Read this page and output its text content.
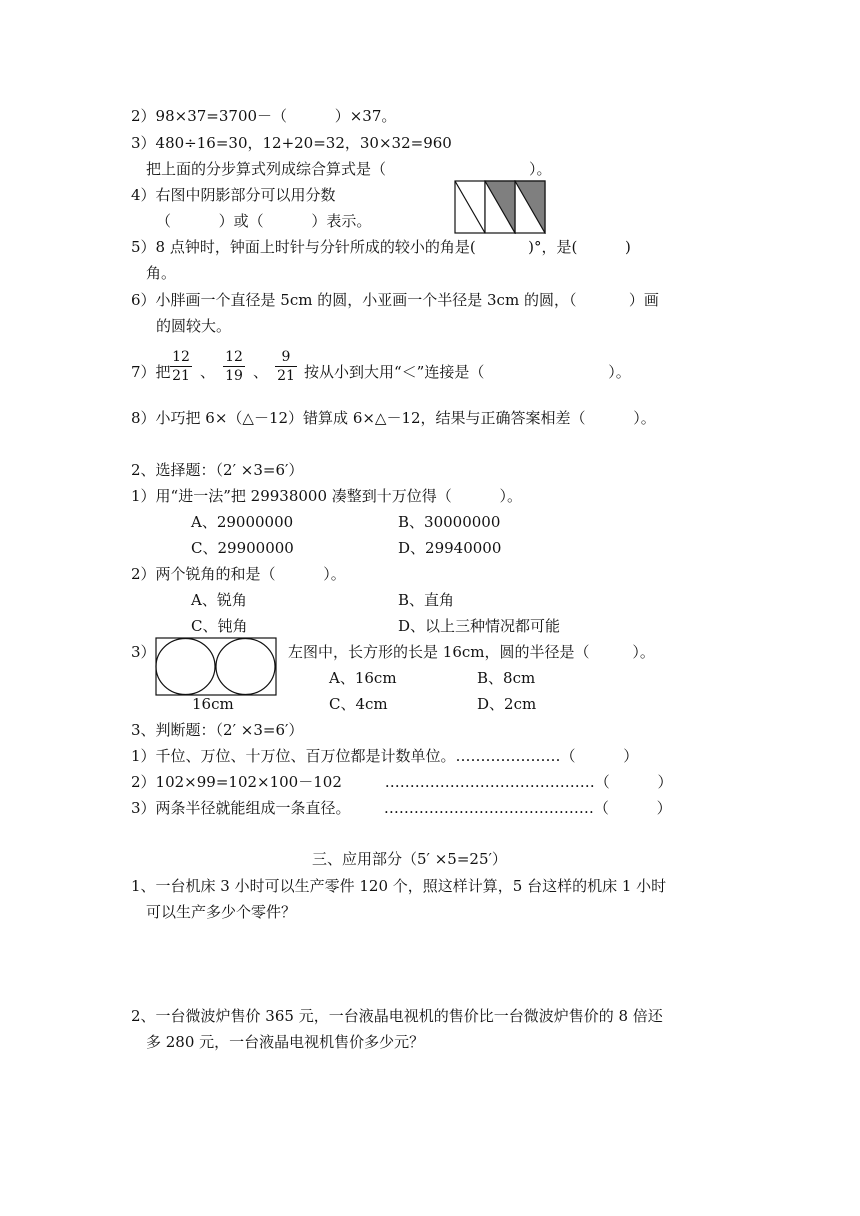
2）98×37=3700－（          ）×37。
3）480÷16=30，12+20=32，30×32=960
把上面的分步算式列成综合算式是（                              ）。
4）右图中阴影部分可以用分数
（          ）或（          ）表示。
5）8 点钟时，钟面上时针与分针所成的较小的角是(           )°，是(          )
角。
6）小胖画一个直径是 5cm 的圆，小亚画一个半径是 3cm 的圆，（           ）画
的圆较大。
7）把 $\frac{12}{21}$ 、 $\frac{12}{19}$ 、 $\frac{9}{21}$ 按从小到大用“＜”连接是（                          ）。
8）小巧把 6×（△－12）错算成 6×△－12，结果与正确答案相差（          ）。
2、选择题：（2′ ×3=6′）
1）用“进一法”把 29938000 凑整到十万位得（          ）。
A、29000000	B、30000000
C、29900000	D、29940000
2）两个锐角的和是（          ）。
A、锐角	B、直角
C、钝角	D、以上三种情况都可能
3）
16cm
左图中，长方形的长是 16cm，圆的半径是（         ）。
A、16cm	B、8cm
C、4cm	D、2cm
3、判断题：（2′ ×3=6′）
1）千位、万位、十万位、百万位都是计数单位。…………………（          ）
2）102×99=102×100－102         ……………………………………（          ）
3）两条半径就能组成一条直径。       ……………………………………（          ）
三、应用部分（5′ ×5=25′）
1、一台机床 3 小时可以生产零件 120 个，照这样计算，5 台这样的机床 1 小时
可以生产多少个零件？
2、一台微波炉售价 365 元，一台液晶电视机的售价比一台微波炉售价的 8 倍还
多 280 元，一台液晶电视机售价多少元？
